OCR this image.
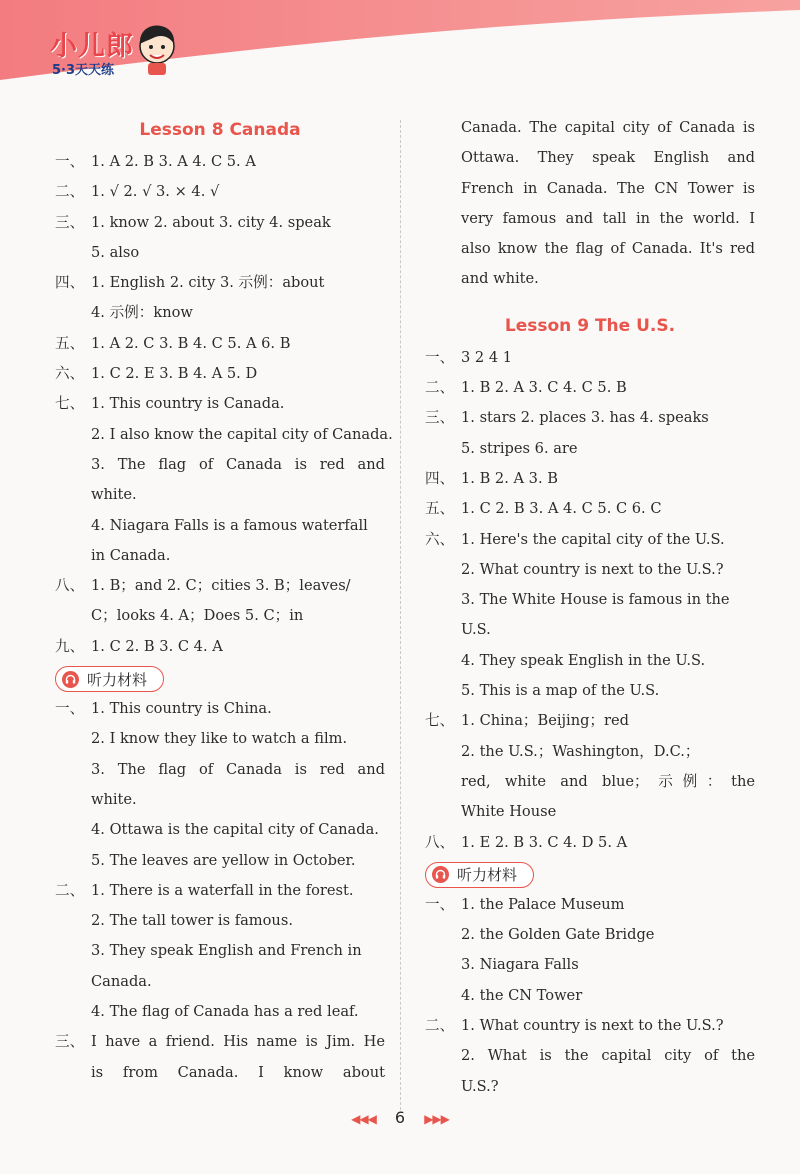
小儿郎
5·3天天练
Lesson 8 Canada
一、 1. A 2. B 3. A 4. C 5. A
二、 1. √ 2. √ 3. × 4. √
三、 1. know 2. about 3. city 4. speak
5. also
四、 1. English 2. city 3. 示例：about
4. 示例：know
五、 1. A 2. C 3. B 4. C 5. A 6. B
六、 1. C 2. E 3. B 4. A 5. D
七、 1. This country is Canada.
2. I also know the capital city of Canada.
3. The flag of Canada is red and
white.
4. Niagara Falls is a famous waterfall
in Canada.
八、 1. B；and 2. C；cities 3. B；leaves/
C；looks 4. A；Does 5. C；in
九、 1. C 2. B 3. C 4. A
听力材料
一、 1. This country is China.
2. I know they like to watch a film.
3. The flag of Canada is red and
white.
4. Ottawa is the capital city of Canada.
5. The leaves are yellow in October.
二、 1. There is a waterfall in the forest.
2. The tall tower is famous.
3. They speak English and French in
Canada.
4. The flag of Canada has a red leaf.
三、 I have a friend. His name is Jim. He
is from Canada. I know about
Canada. The capital city of Canada is
Ottawa. They speak English and
French in Canada. The CN Tower is
very famous and tall in the world. I
also know the flag of Canada. It's red
and white.
Lesson 9 The U.S.
一、 3 2 4 1
二、 1. B 2. A 3. C 4. C 5. B
三、 1. stars 2. places 3. has 4. speaks
5. stripes 6. are
四、 1. B 2. A 3. B
五、 1. C 2. B 3. A 4. C 5. C 6. C
六、 1. Here's the capital city of the U.S.
2. What country is next to the U.S.?
3. The White House is famous in the
U.S.
4. They speak English in the U.S.
5. This is a map of the U.S.
七、 1. China；Beijing；red
2. the U.S.；Washington，D.C.；
red, white and blue；示例：the
White House
八、 1. E 2. B 3. C 4. D 5. A
听力材料
一、 1. the Palace Museum
2. the Golden Gate Bridge
3. Niagara Falls
4. the CN Tower
二、 1. What country is next to the U.S.?
2. What is the capital city of the
U.S.?
◀◀◀ 6 ▶▶▶
